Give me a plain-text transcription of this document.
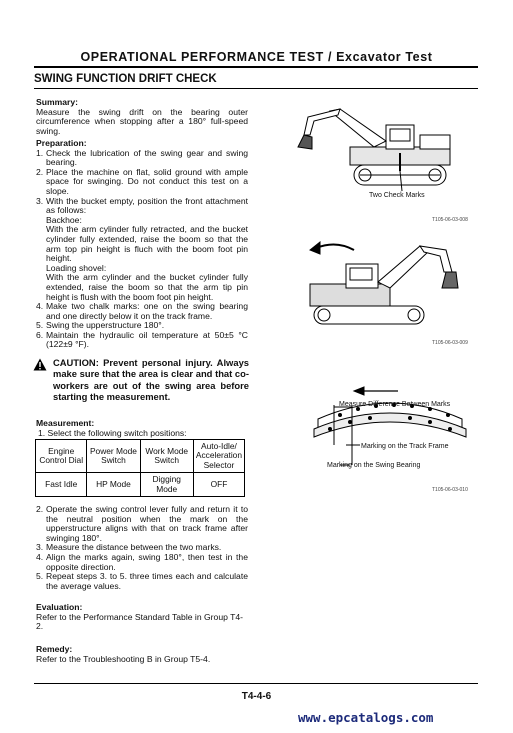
OPERATIONAL PERFORMANCE TEST / Excavator Test
SWING FUNCTION DRIFT CHECK

Summary:

Measure the swing drift on the bearing outer circumference when stopping after a 180° full-speed swing.

Preparation:

1. Check the lubrication of the swing gear and swing bearing.
2. Place the machine on flat, solid ground with ample space for swinging. Do not conduct this test on a slope.
3. With the bucket empty, position the front attachment as follows:
Backhoe:
With the arm cylinder fully retracted, and the bucket cylinder fully extended, raise the boom so that the arm top pin height is fluch with the boom foot pin height.
Loading shovel:
With the arm cylinder and the bucket cylinder fully extended, raise the boom so that the arm tip pin height is flush with the boom foot pin height.
4. Make two chalk marks: one on the swing bearing and one directly below it on the track frame.
5. Swing the upperstructure 180°.
6. Maintain the hydraulic oil temperature at 50±5 °C (122±9 °F).
CAUTION: Prevent personal injury. Always make sure that the area is clear and that co-workers are out of the swing area before starting the measurement.

Measurement:

1. Select the following switch positions:

Engine Control Dial	Power Mode Switch	Work Mode Switch	Auto-Idle/ Acceleration Selector
Fast Idle	HP Mode	Digging Mode	OFF
2. Operate the swing control lever fully and return it to the neutral position when the mark on the upperstructure aligns with that on track frame after swinging 180°.
3. Measure the distance between the two marks.
4. Align the marks again, swing 180°, then test in the opposite direction.
5. Repeat steps 3. to 5. three times each and calculate the average values.

Evaluation:

Refer to the Performance Standard Table in Group T4-2.

Remedy:

Refer to the Troubleshooting B in Group T5-4.

Two Check Marks
T105-06-03-008
T105-06-03-009
Measure Difference Between Marks
Marking on the Track Frame
Marking on the Swing Bearing
T105-06-03-010
T4-4-6
www.epcatalogs.com
